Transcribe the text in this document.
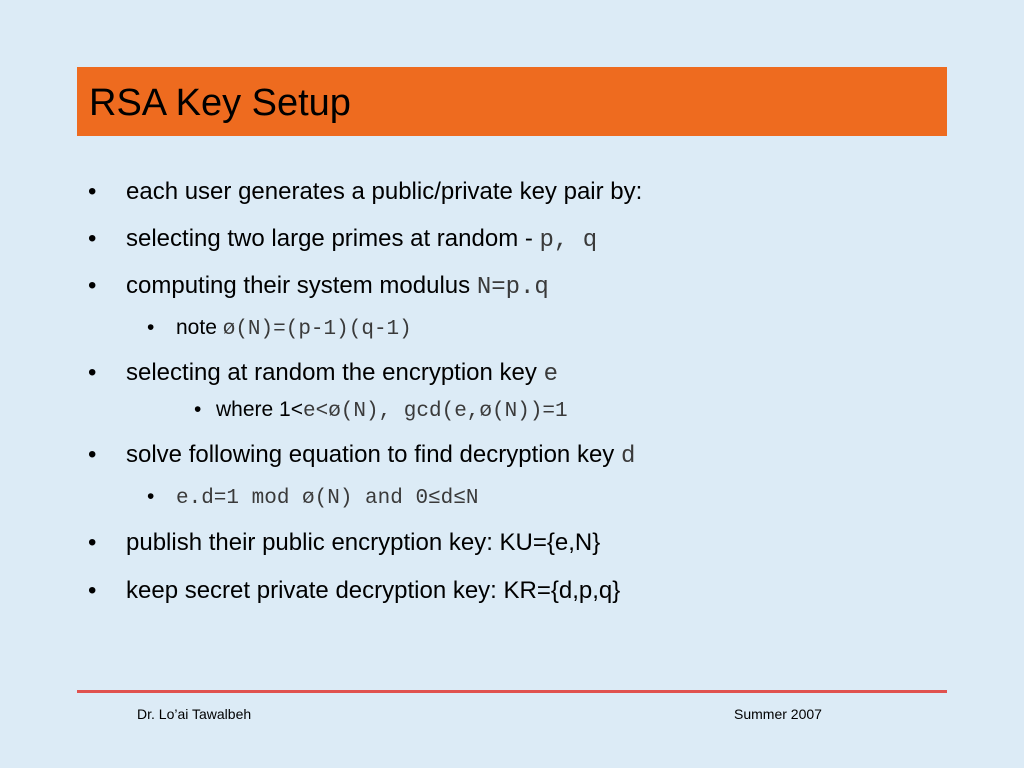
RSA Key Setup
• each user generates a public/private key pair by:
• selecting two large primes at random - p, q
• computing their system modulus N=p.q
• note ø(N)=(p-1)(q-1)
• selecting at random the encryption key e
• where 1<e<ø(N), gcd(e,ø(N))=1
• solve following equation to find decryption key d
• e.d=1 mod ø(N) and 0≤d≤N
• publish their public encryption key: KU={e,N}
• keep secret private decryption key: KR={d,p,q}
Dr. Lo’ai Tawalbeh	Summer 2007
